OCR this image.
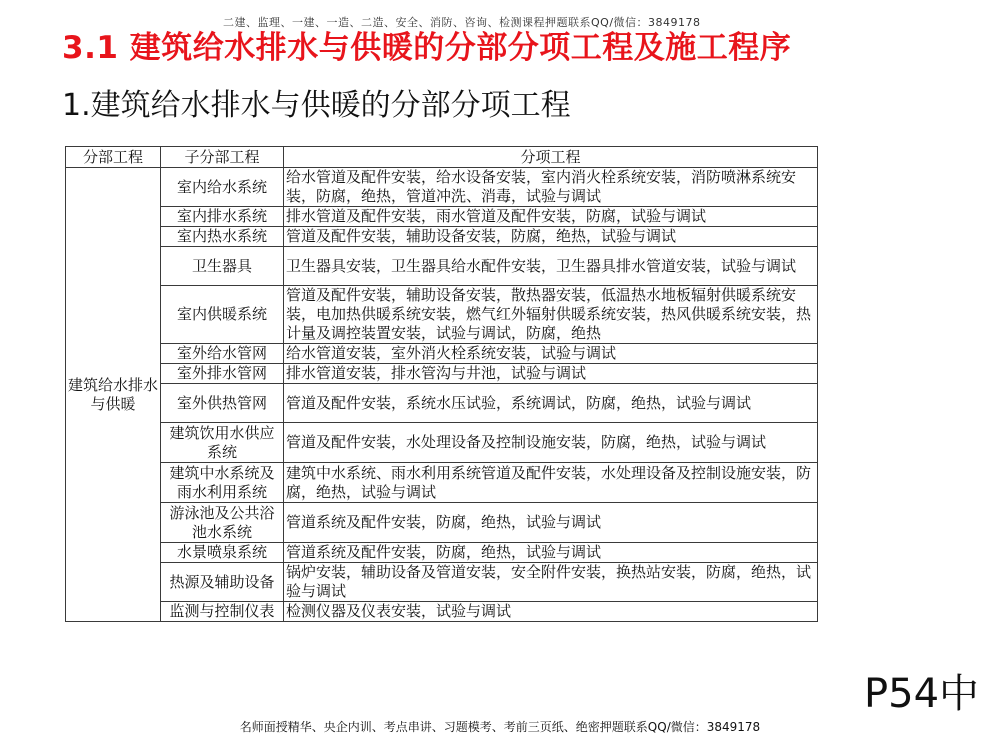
二建、监理、一建、一造、二造、安全、消防、咨询、检测课程押题联系QQ/微信：3849178
3.1 建筑给水排水与供暖的分部分项工程及施工程序
1.建筑给水排水与供暖的分部分项工程
分部工程	子分部工程	分项工程
建筑给水排水与供暖	室内给水系统	给水管道及配件安装，给水设备安装，室内消火栓系统安装，消防喷淋系统安装，防腐，绝热，管道冲洗、消毒，试验与调试
	室内排水系统	排水管道及配件安装，雨水管道及配件安装，防腐，试验与调试
	室内热水系统	管道及配件安装，辅助设备安装，防腐，绝热，试验与调试
	卫生器具	卫生器具安装，卫生器具给水配件安装，卫生器具排水管道安装，试验与调试
	室内供暖系统	管道及配件安装，辅助设备安装，散热器安装，低温热水地板辐射供暖系统安装，电加热供暖系统安装，燃气红外辐射供暖系统安装，热风供暖系统安装，热计量及调控装置安装，试验与调试，防腐，绝热
	室外给水管网	给水管道安装，室外消火栓系统安装，试验与调试
	室外排水管网	排水管道安装，排水管沟与井池，试验与调试
	室外供热管网	管道及配件安装，系统水压试验，系统调试，防腐，绝热，试验与调试
	建筑饮用水供应系统	管道及配件安装，水处理设备及控制设施安装，防腐，绝热，试验与调试
	建筑中水系统及雨水利用系统	建筑中水系统、雨水利用系统管道及配件安装，水处理设备及控制设施安装，防腐，绝热，试验与调试
	游泳池及公共浴池水系统	管道系统及配件安装，防腐，绝热，试验与调试
	水景喷泉系统	管道系统及配件安装，防腐，绝热，试验与调试
	热源及辅助设备	锅炉安装，辅助设备及管道安装，安全附件安装，换热站安装，防腐，绝热，试验与调试
	监测与控制仪表	检测仪器及仪表安装，试验与调试
P54中
名师面授精华、央企内训、考点串讲、习题模考、考前三页纸、绝密押题联系QQ/微信：3849178
